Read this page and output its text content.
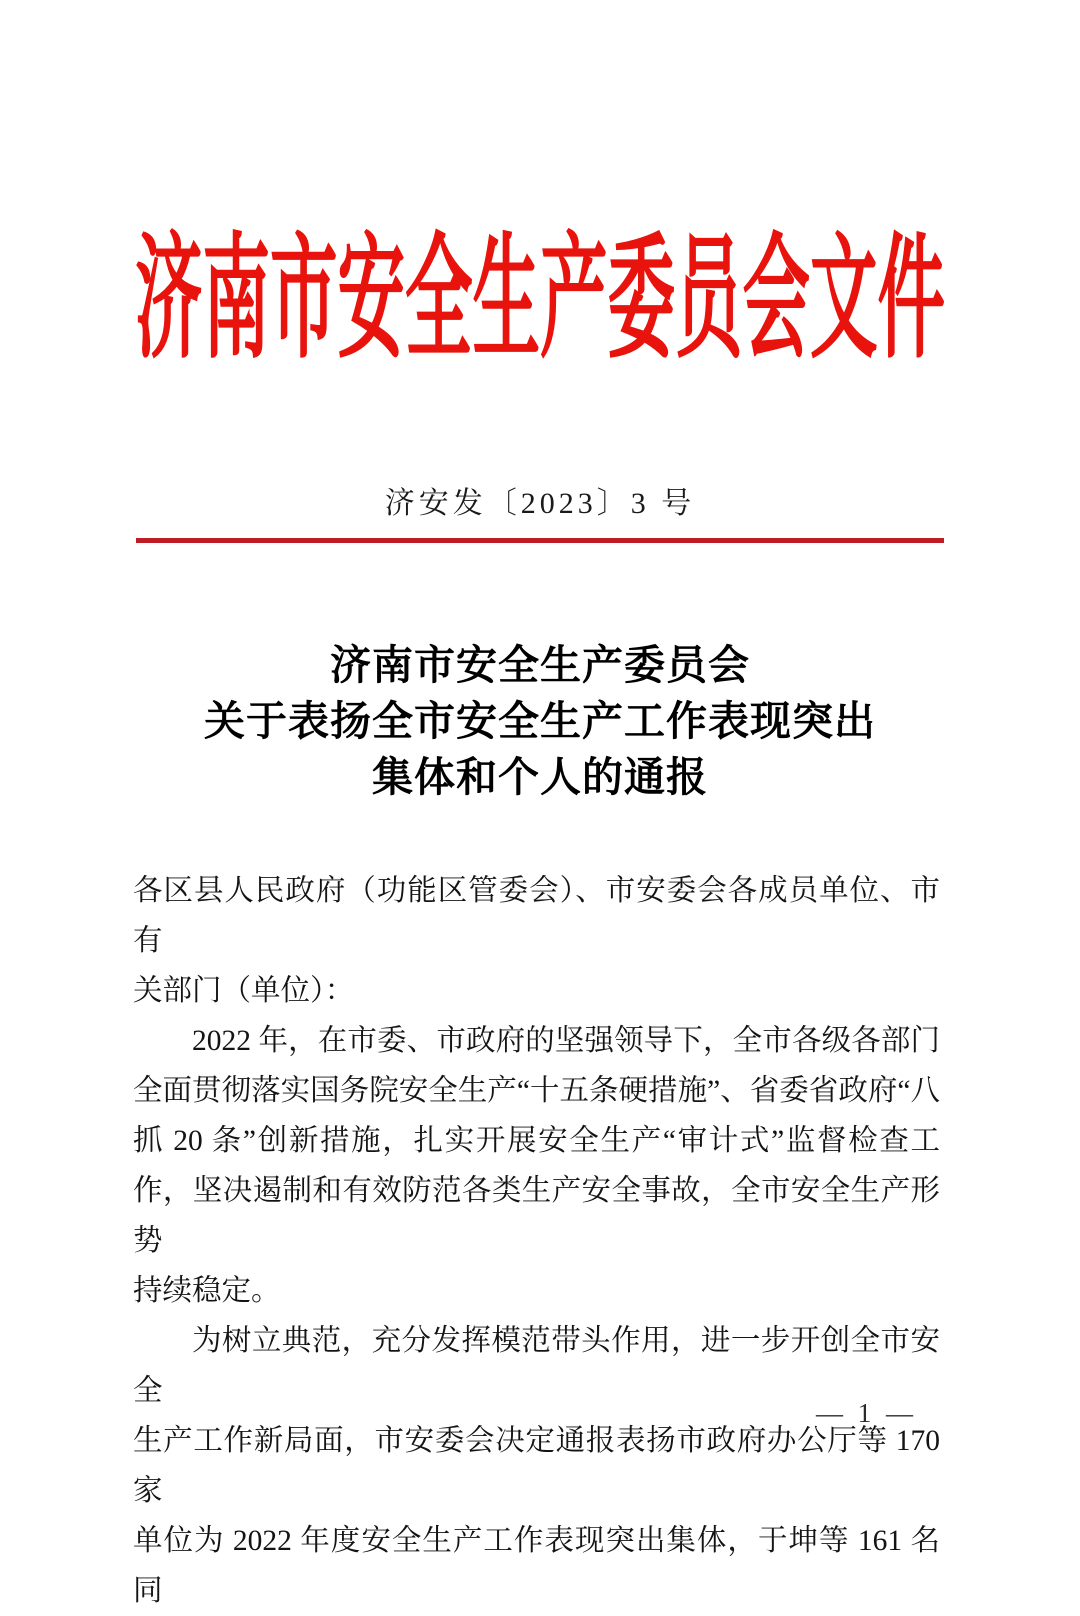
济南市安全生产委员会文件
济安发〔2023〕3 号
济南市安全生产委员会
关于表扬全市安全生产工作表现突出
集体和个人的通报
各区县人民政府（功能区管委会）、市安委会各成员单位、市有
关部门（单位）：
2022 年，在市委、市政府的坚强领导下，全市各级各部门
全面贯彻落实国务院安全生产“十五条硬措施”、省委省政府“八
抓 20 条”创新措施，扎实开展安全生产“审计式”监督检查工
作，坚决遏制和有效防范各类生产安全事故，全市安全生产形势
持续稳定。
为树立典范，充分发挥模范带头作用，进一步开创全市安全
生产工作新局面，市安委会决定通报表扬市政府办公厅等 170 家
单位为 2022 年度安全生产工作表现突出集体，于坤等 161 名同
— 1 —
